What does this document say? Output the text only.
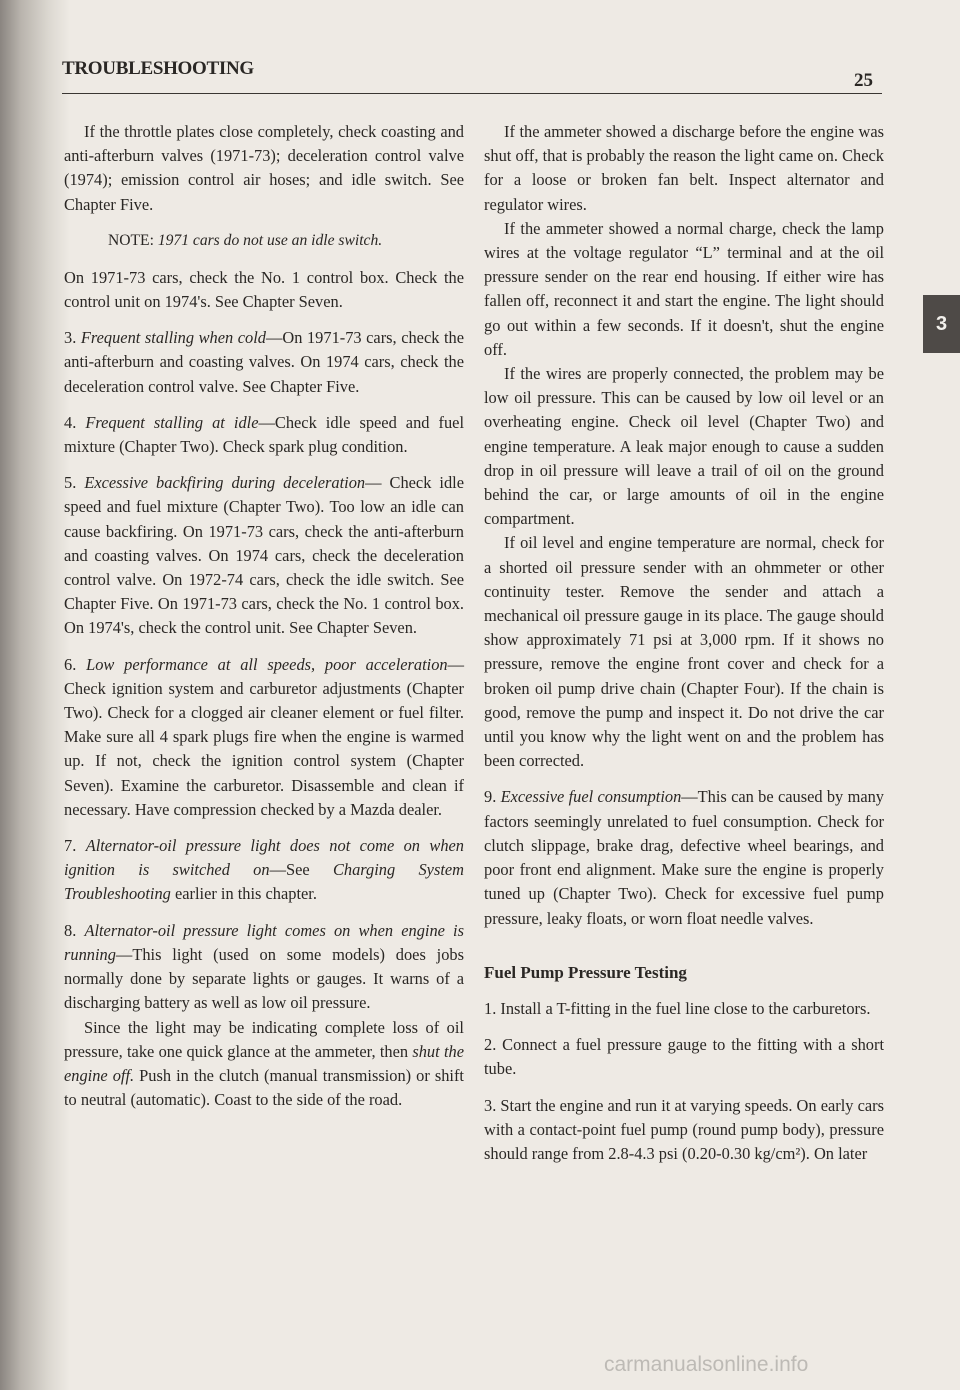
TROUBLESHOOTING
25
3

If the throttle plates close completely, check coasting and anti-afterburn valves (1971-73); deceleration control valve (1974); emission control air hoses; and idle switch. See Chapter Five.

NOTE: 1971 cars do not use an idle switch.

On 1971-73 cars, check the No. 1 control box. Check the control unit on 1974's. See Chapter Seven.

3. Frequent stalling when cold—On 1971-73 cars, check the anti-afterburn and coasting valves. On 1974 cars, check the deceleration control valve. See Chapter Five.

4. Frequent stalling at idle—Check idle speed and fuel mixture (Chapter Two). Check spark plug condition.

5. Excessive backfiring during deceleration— Check idle speed and fuel mixture (Chapter Two). Too low an idle can cause backfiring. On 1971-73 cars, check the anti-afterburn and coasting valves. On 1974 cars, check the deceleration control valve. On 1972-74 cars, check the idle switch. See Chapter Five. On 1971-73 cars, check the No. 1 control box. On 1974's, check the control unit. See Chapter Seven.

6. Low performance at all speeds, poor acceleration—Check ignition system and carburetor adjustments (Chapter Two). Check for a clogged air cleaner element or fuel filter. Make sure all 4 spark plugs fire when the engine is warmed up. If not, check the ignition control system (Chapter Seven). Examine the carburetor. Disassemble and clean if necessary. Have compression checked by a Mazda dealer.

7. Alternator-oil pressure light does not come on when ignition is switched on—See Charging System Troubleshooting earlier in this chapter.

8. Alternator-oil pressure light comes on when engine is running—This light (used on some models) does jobs normally done by separate lights or gauges. It warns of a discharging battery as well as low oil pressure.

Since the light may be indicating complete loss of oil pressure, take one quick glance at the ammeter, then shut the engine off. Push in the clutch (manual transmission) or shift to neutral (automatic). Coast to the side of the road.

If the ammeter showed a discharge before the engine was shut off, that is probably the reason the light came on. Check for a loose or broken fan belt. Inspect alternator and regulator wires.

If the ammeter showed a normal charge, check the lamp wires at the voltage regulator “L” terminal and at the oil pressure sender on the rear end housing. If either wire has fallen off, reconnect it and start the engine. The light should go out within a few seconds. If it doesn't, shut the engine off.

If the wires are properly connected, the problem may be low oil pressure. This can be caused by low oil level or an overheating engine. Check oil level (Chapter Two) and engine temperature. A leak major enough to cause a sudden drop in oil pressure will leave a trail of oil on the ground behind the car, or large amounts of oil in the engine compartment.

If oil level and engine temperature are normal, check for a shorted oil pressure sender with an ohmmeter or other continuity tester. Remove the sender and attach a mechanical oil pressure gauge in its place. The gauge should show approximately 71 psi at 3,000 rpm. If it shows no pressure, remove the engine front cover and check for a broken oil pump drive chain (Chapter Four). If the chain is good, remove the pump and inspect it. Do not drive the car until you know why the light went on and the problem has been corrected.

9. Excessive fuel consumption—This can be caused by many factors seemingly unrelated to fuel consumption. Check for clutch slippage, brake drag, defective wheel bearings, and poor front end alignment. Make sure the engine is properly tuned up (Chapter Two). Check for excessive fuel pump pressure, leaky floats, or worn float needle valves.

Fuel Pump Pressure Testing

1. Install a T-fitting in the fuel line close to the carburetors.

2. Connect a fuel pressure gauge to the fitting with a short tube.

3. Start the engine and run it at varying speeds. On early cars with a contact-point fuel pump (round pump body), pressure should range from 2.8-4.3 psi (0.20-0.30 kg/cm²). On later

carmanualsonline.info
